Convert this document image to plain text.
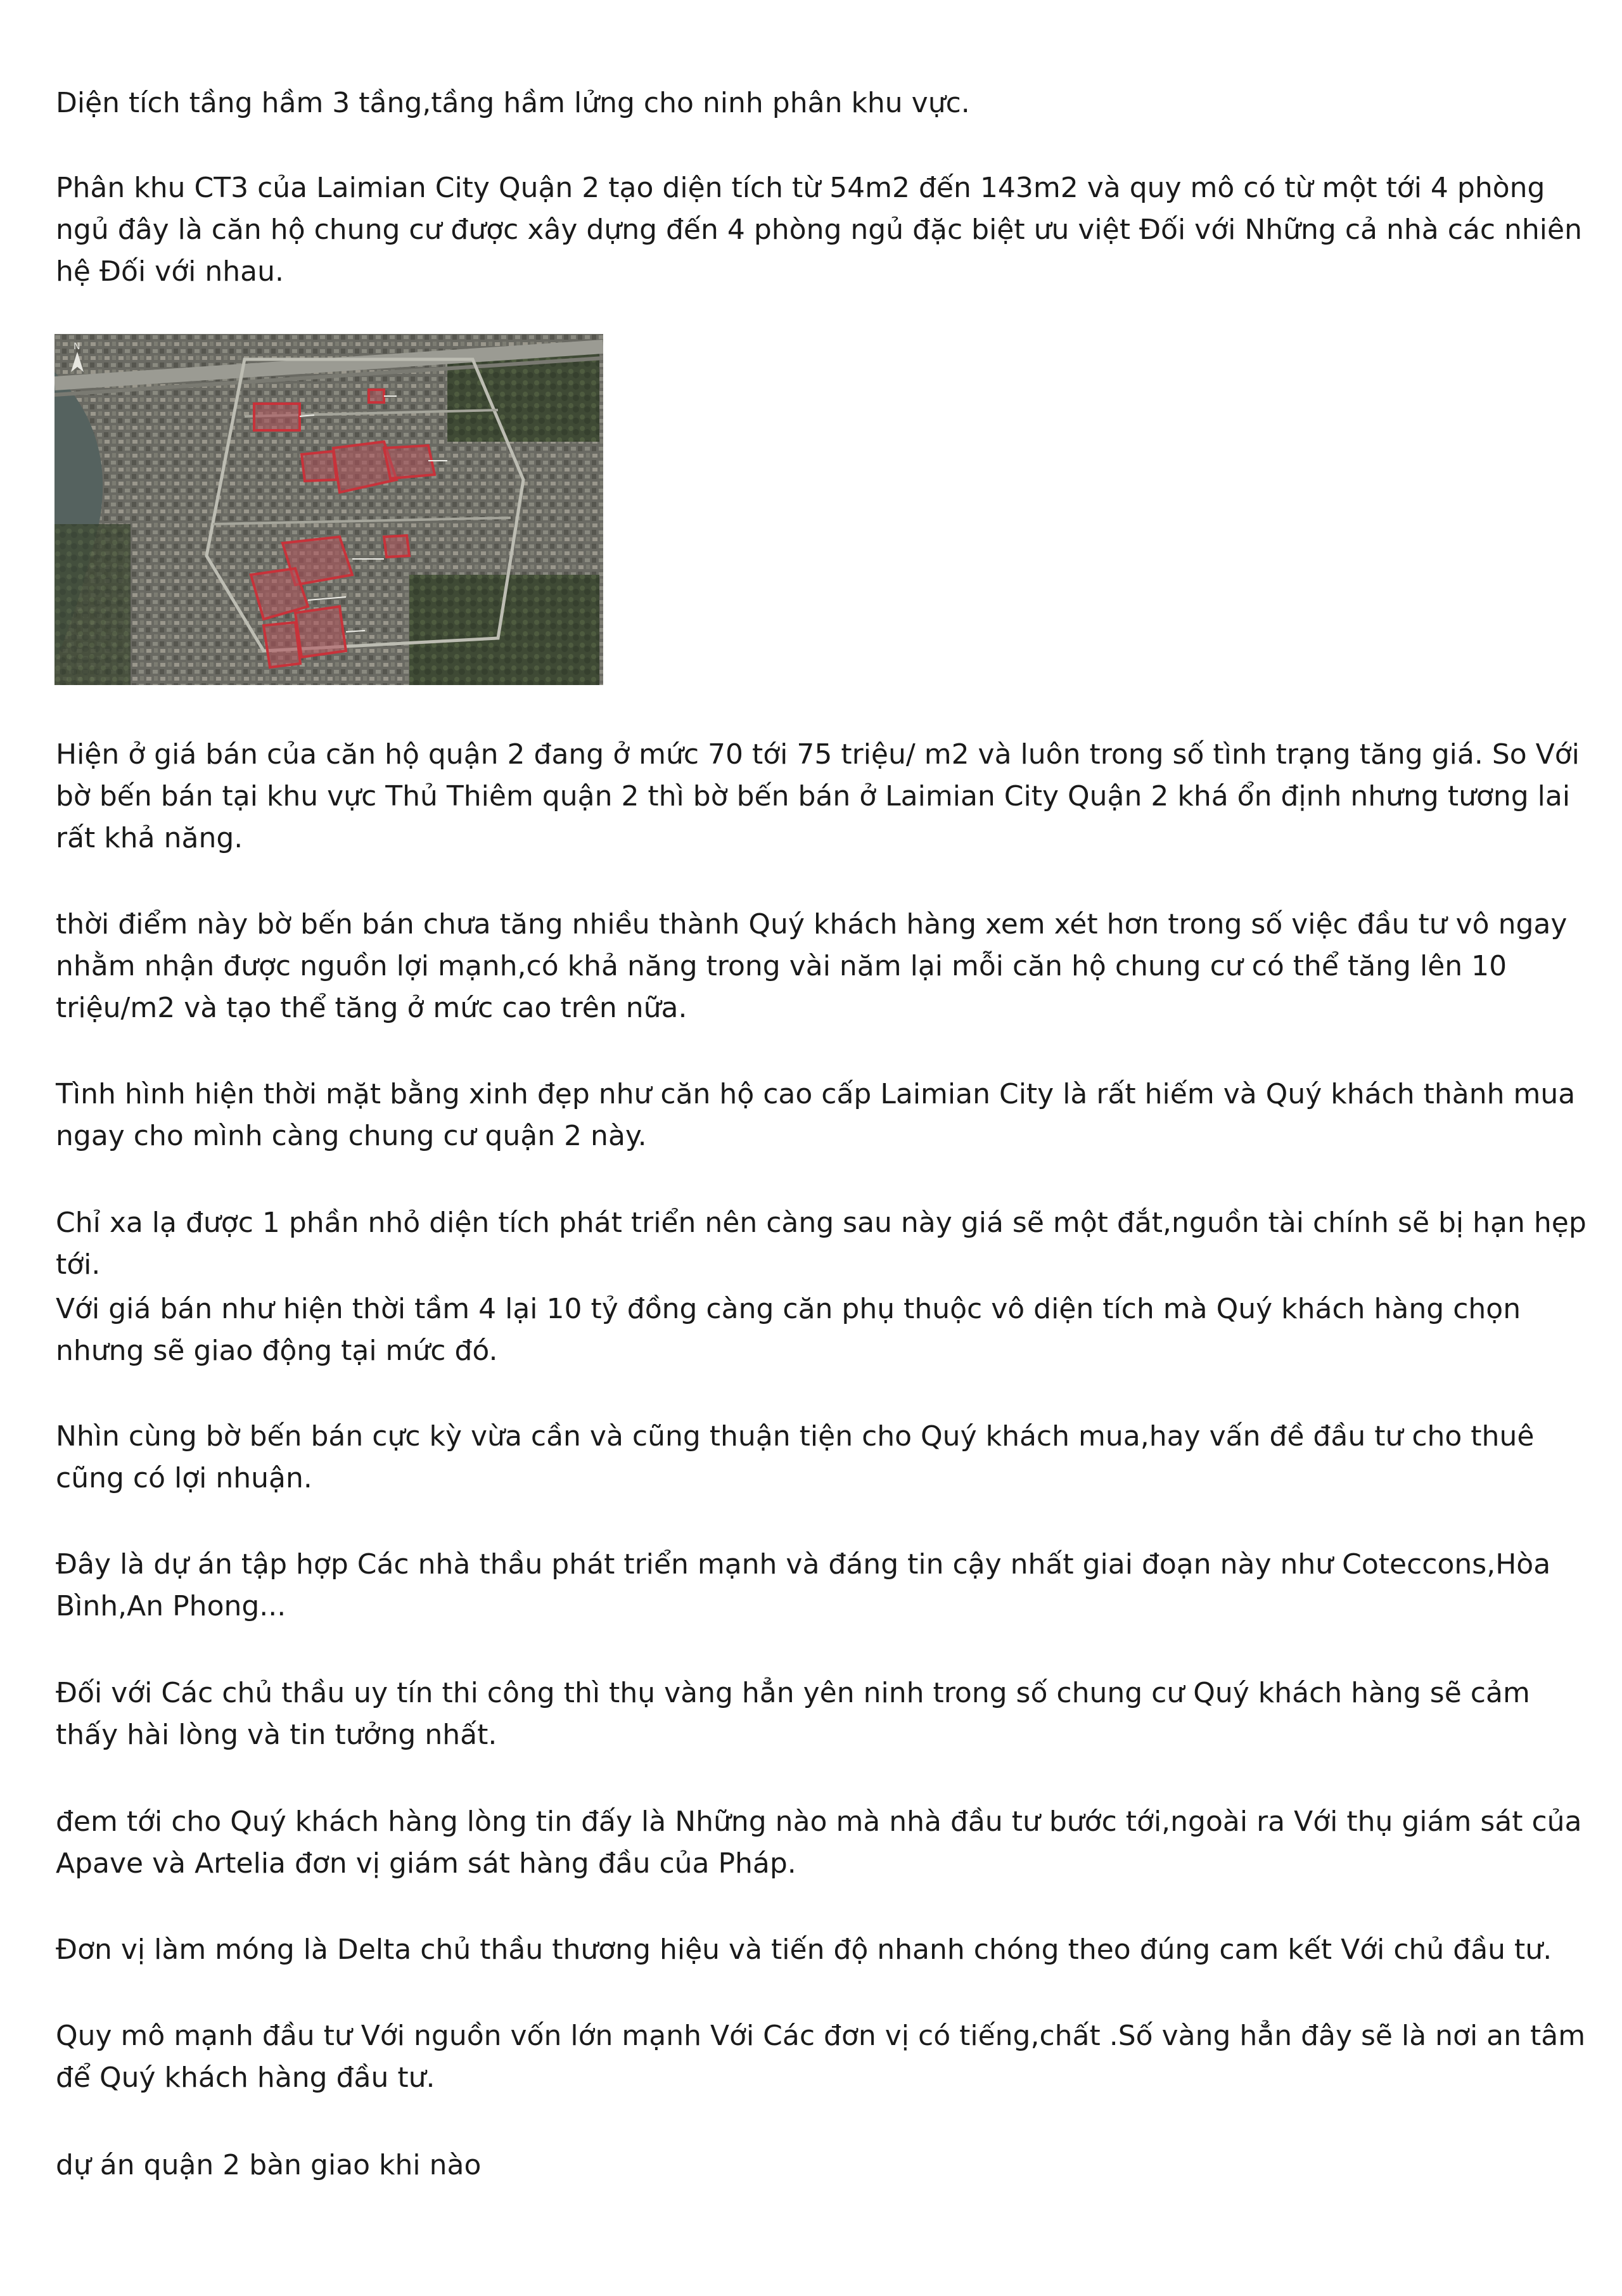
Diện tích tầng hầm 3 tầng,tầng hầm lửng cho ninh phân khu vực.

Phân khu CT3 của Laimian City Quận 2 tạo diện tích từ 54m2 đến 143m2 và quy mô có từ một tới 4 phòng ngủ đây là căn hộ chung cư được xây dựng đến 4 phòng ngủ đặc biệt ưu việt Đối với Những cả nhà các nhiên hệ Đối với nhau.

N

Hiện ở giá bán của căn hộ quận 2 đang ở mức 70 tới 75 triệu/ m2 và luôn trong số tình trạng tăng giá. So Với bờ bến bán tại khu vực Thủ Thiêm quận 2 thì bờ bến bán ở Laimian City Quận 2 khá ổn định nhưng tương lai rất khả năng.

thời điểm này bờ bến bán chưa tăng nhiều thành Quý khách hàng xem xét hơn trong số việc đầu tư vô ngay nhằm nhận được nguồn lợi mạnh,có khả năng trong vài năm lại mỗi căn hộ chung cư có thể tăng lên 10 triệu/m2 và tạo thể tăng ở mức cao trên nữa.

Tình hình hiện thời mặt bằng xinh đẹp như căn hộ cao cấp Laimian City là rất hiếm và Quý khách thành mua ngay cho mình càng chung cư quận 2 này.

Chỉ xa lạ được 1 phần nhỏ diện tích phát triển nên càng sau này giá sẽ một đắt,nguồn tài chính sẽ bị hạn hẹp tới.

Với giá bán như hiện thời tầm 4 lại 10 tỷ đồng càng căn phụ thuộc vô diện tích mà Quý khách hàng chọn nhưng sẽ giao động tại mức đó.

Nhìn cùng bờ bến bán cực kỳ vừa cần và cũng thuận tiện cho Quý khách mua,hay vấn đề đầu tư cho thuê cũng có lợi nhuận.

Đây là dự án tập hợp Các nhà thầu phát triển mạnh và đáng tin cậy nhất giai đoạn này như Coteccons,Hòa Bình,An Phong...

Đối với Các chủ thầu uy tín thi công thì thụ vàng hẳn yên ninh trong số chung cư Quý khách hàng sẽ cảm thấy hài lòng và tin tưởng nhất.

đem tới cho Quý khách hàng lòng tin đấy là Những nào mà nhà đầu tư bước tới,ngoài ra Với thụ giám sát của Apave và Artelia đơn vị giám sát hàng đầu của Pháp.

Đơn vị làm móng là Delta chủ thầu thương hiệu và tiến độ nhanh chóng theo đúng cam kết Với chủ đầu tư.

Quy mô mạnh đầu tư Với nguồn vốn lớn mạnh Với Các đơn vị có tiếng,chất .Số vàng hẳn đây sẽ là nơi an tâm để Quý khách hàng đầu tư.

dự án quận 2 bàn giao khi nào
